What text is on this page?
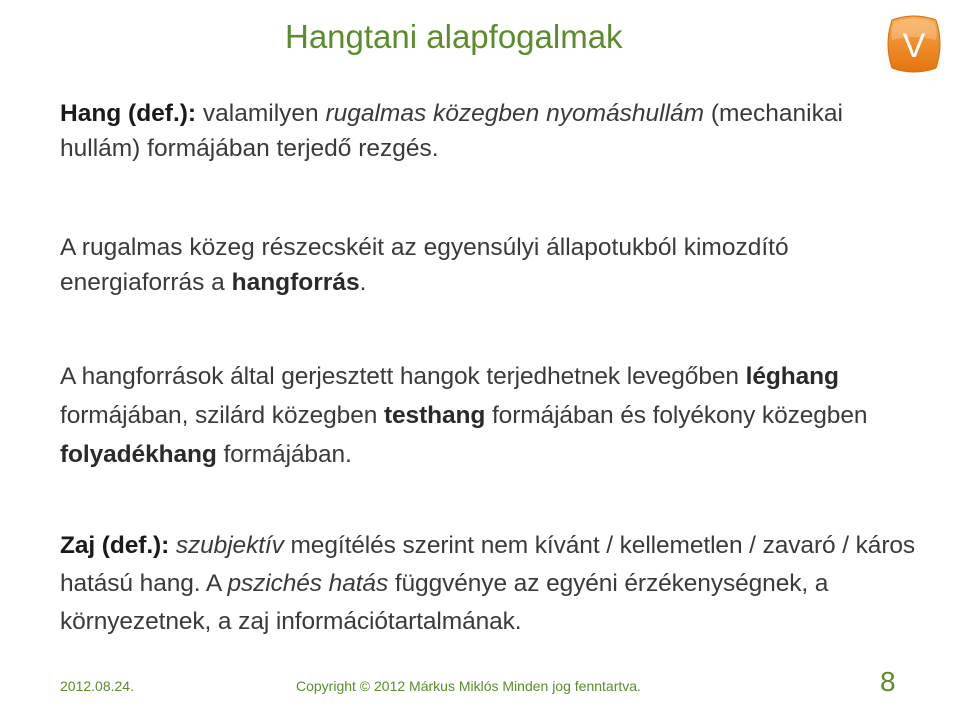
Hangtani alapfogalmak	V
Hang (def.): valamilyen rugalmas közegben nyomáshullám (mechanikai hullám) formájában terjedő rezgés.
A rugalmas közeg részecskéit az egyensúlyi állapotukból kimozdító energiaforrás a hangforrás.
A hangforrások által gerjesztett hangok terjedhetnek levegőben léghang formájában, szilárd közegben testhang formájában és folyékony közegben folyadékhang formájában.
Zaj (def.): szubjektív megítélés szerint nem kívánt / kellemetlen / zavaró / káros hatású hang. A pszichés hatás függvénye az egyéni érzékenységnek, a környezetnek, a zaj információtartalmának.
2012.08.24.	Copyright © 2012 Márkus Miklós Minden jog fenntartva.	8
